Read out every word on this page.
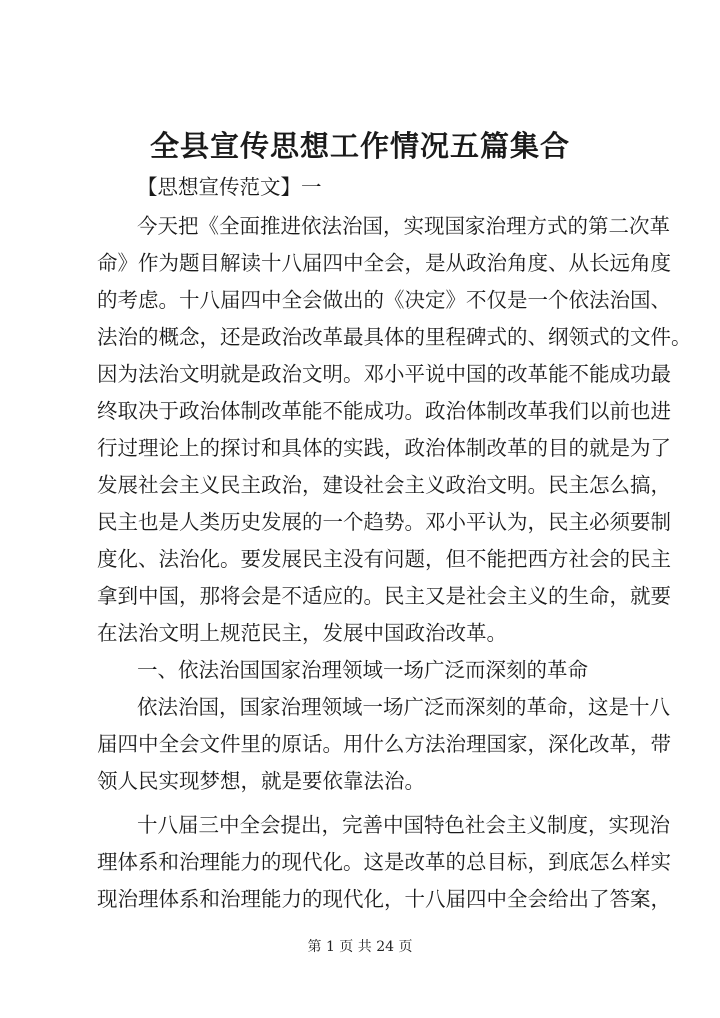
全县宣传思想工作情况五篇集合

【思想宣传范文】一

今天把《全面推进依法治国，实现国家治理方式的第二次革

命》作为题目解读十八届四中全会，是从政治角度、从长远角度

的考虑。十八届四中全会做出的《决定》不仅是一个依法治国、

法治的概念，还是政治改革最具体的里程碑式的、纲领式的文件。

因为法治文明就是政治文明。邓小平说中国的改革能不能成功最

终取决于政治体制改革能不能成功。政治体制改革我们以前也进

行过理论上的探讨和具体的实践，政治体制改革的目的就是为了

发展社会主义民主政治，建设社会主义政治文明。民主怎么搞，

民主也是人类历史发展的一个趋势。邓小平认为，民主必须要制

度化、法治化。要发展民主没有问题，但不能把西方社会的民主

拿到中国，那将会是不适应的。民主又是社会主义的生命，就要

在法治文明上规范民主，发展中国政治改革。

一、依法治国国家治理领域一场广泛而深刻的革命

依法治国，国家治理领域一场广泛而深刻的革命，这是十八

届四中全会文件里的原话。用什么方法治理国家，深化改革，带

领人民实现梦想，就是要依靠法治。

十八届三中全会提出，完善中国特色社会主义制度，实现治

理体系和治理能力的现代化。这是改革的总目标，到底怎么样实

现治理体系和治理能力的现代化，十八届四中全会给出了答案，

第 1 页 共 24 页
